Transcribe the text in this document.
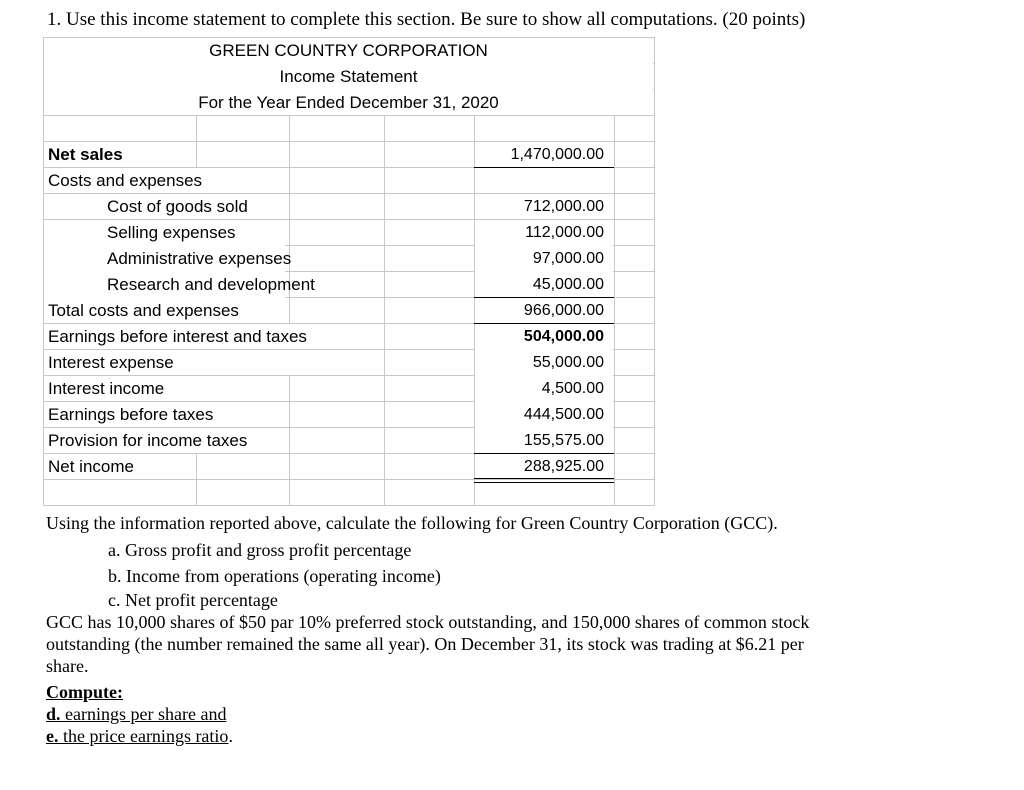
1. Use this income statement to complete this section. Be sure to show all computations. (20 points)
GREEN COUNTRY CORPORATION
Income Statement
For the Year Ended December 31, 2020
Net sales
Costs and expenses
Cost of goods sold
Selling expenses
Administrative expenses
Research and development
Total costs and expenses
Earnings before interest and taxes
Interest expense
Interest income
Earnings before taxes
Provision for income taxes
Net income
1,470,000.00
712,000.00
112,000.00
97,000.00
45,000.00
966,000.00
504,000.00
55,000.00
4,500.00
444,500.00
155,575.00
288,925.00
Using the information reported above, calculate the following for Green Country Corporation (GCC).
a. Gross profit and gross profit percentage
b. Income from operations (operating income)
c. Net profit percentage
GCC has 10,000 shares of $50 par 10% preferred stock outstanding, and 150,000 shares of common stock
outstanding (the number remained the same all year). On December 31, its stock was trading at $6.21 per
share.
Compute:
d. earnings per share and
e. the price earnings ratio.
